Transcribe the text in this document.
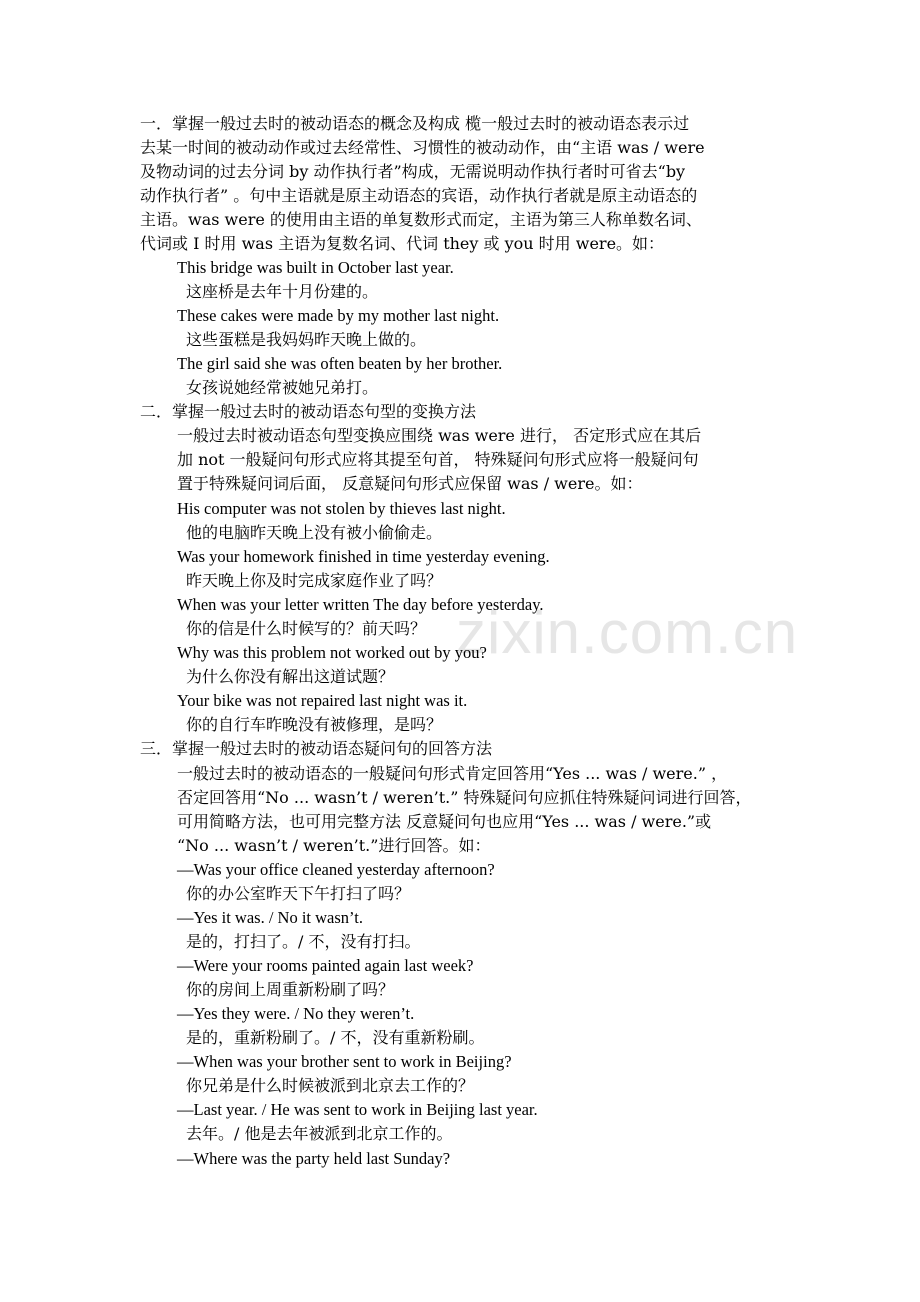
zixin.com.cn
一．掌握一般过去时的被动语态的概念及构成 榄一般过去时的被动语态表示过
去某一时间的被动动作或过去经常性、习惯性的被动动作，由“主语 was / were
及物动词的过去分词 by 动作执行者”构成，无需说明动作执行者时可省去“by
动作执行者” 。句中主语就是原主动语态的宾语，动作执行者就是原主动语态的
主语。was were 的使用由主语的单复数形式而定，主语为第三人称单数名词、
代词或 I 时用 was 主语为复数名词、代词 they 或 you 时用 were。如：
This bridge was built in October last year.
这座桥是去年十月份建的。
These cakes were made by my mother last night.
这些蛋糕是我妈妈昨天晚上做的。
The girl said she was often beaten by her brother.
女孩说她经常被她兄弟打。
二．掌握一般过去时的被动语态句型的变换方法
一般过去时被动语态句型变换应围绕 was were 进行， 否定形式应在其后
加 not 一般疑问句形式应将其提至句首， 特殊疑问句形式应将一般疑问句
置于特殊疑问词后面， 反意疑问句形式应保留 was / were。如：
His computer was not stolen by thieves last night.
他的电脑昨天晚上没有被小偷偷走。
Was your homework finished in time yesterday evening.
昨天晚上你及时完成家庭作业了吗？
When was your letter written The day before yesterday.
你的信是什么时候写的？前天吗？
Why was this problem not worked out by you?
为什么你没有解出这道试题？
Your bike was not repaired last night was it.
你的自行车昨晚没有被修理，是吗？
三．掌握一般过去时的被动语态疑问句的回答方法
一般过去时的被动语态的一般疑问句形式肯定回答用“Yes ... was / were.” ，
否定回答用“No ... wasn’t / weren’t.” 特殊疑问句应抓住特殊疑问词进行回答，
可用简略方法，也可用完整方法 反意疑问句也应用“Yes ... was / were.”或
“No ... wasn’t / weren’t.”进行回答。如：
—Was your office cleaned yesterday afternoon?
你的办公室昨天下午打扫了吗？
—Yes it was. / No it wasn’t.
是的，打扫了。/ 不，没有打扫。
—Were your rooms painted again last week?
你的房间上周重新粉刷了吗？
—Yes they were. / No they weren’t.
是的，重新粉刷了。/ 不，没有重新粉刷。
—When was your brother sent to work in Beijing?
你兄弟是什么时候被派到北京去工作的？
—Last year. / He was sent to work in Beijing last year.
去年。/ 他是去年被派到北京工作的。
—Where was the party held last Sunday?
